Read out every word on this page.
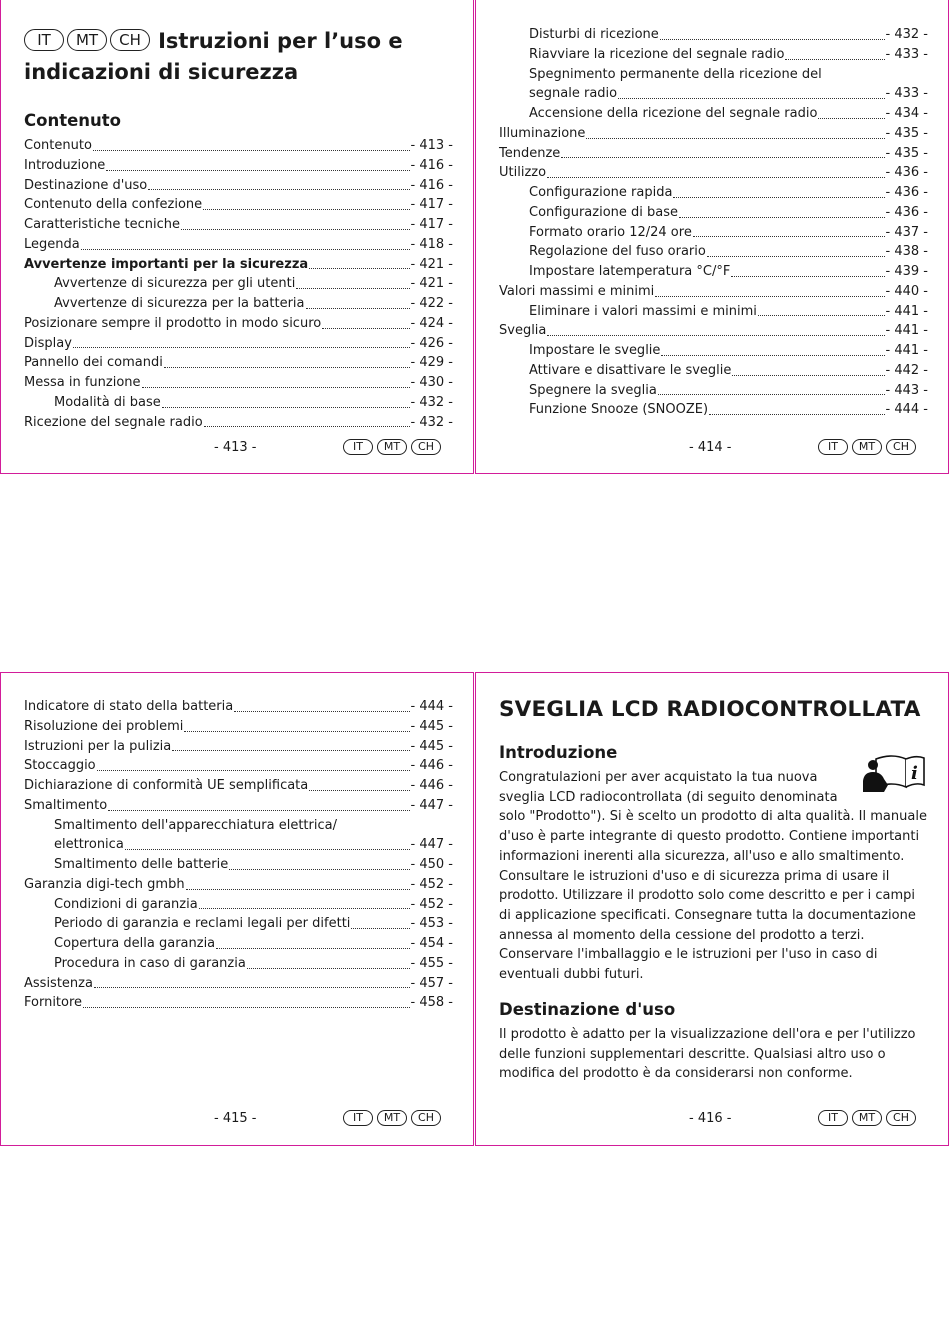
IT MT CH Istruzioni per l’uso e indicazioni di sicurezza
Contenuto
Contenuto	- 413 -
Introduzione	- 416 -
Destinazione d'uso	- 416 -
Contenuto della confezione	- 417 -
Caratteristiche tecniche	- 417 -
Legenda	- 418 -
Avvertenze importanti per la sicurezza	- 421 -
Avvertenze di sicurezza per gli utenti	- 421 -
Avvertenze di sicurezza per la batteria	- 422 -
Posizionare sempre il prodotto in modo sicuro	- 424 -
Display	- 426 -
Pannello dei comandi	- 429 -
Messa in funzione	- 430 -
Modalità di base	- 432 -
Ricezione del segnale radio	- 432 -
- 413 -	IT	MT	CH
Disturbi di ricezione	- 432 -
Riavviare la ricezione del segnale radio	- 433 -
Spegnimento permanente della ricezione del
segnale radio	- 433 -
Accensione della ricezione del segnale radio	- 434 -
Illuminazione	- 435 -
Tendenze	- 435 -
Utilizzo	- 436 -
Configurazione rapida	- 436 -
Configurazione di base	- 436 -
Formato orario 12/24 ore	- 437 -
Regolazione del fuso orario	- 438 -
Impostare latemperatura °C/°F	- 439 -
Valori massimi e minimi	- 440 -
Eliminare i valori massimi e minimi	- 441 -
Sveglia	- 441 -
Impostare le sveglie	- 441 -
Attivare e disattivare le sveglie	- 442 -
Spegnere la sveglia	- 443 -
Funzione Snooze (SNOOZE)	- 444 -
- 414 -	IT	MT	CH
Indicatore di stato della batteria	- 444 -
Risoluzione dei problemi	- 445 -
Istruzioni per la pulizia	- 445 -
Stoccaggio	- 446 -
Dichiarazione di conformità UE semplificata	- 446 -
Smaltimento	- 447 -
Smaltimento dell'apparecchiatura elettrica/
elettronica	- 447 -
Smaltimento delle batterie	- 450 -
Garanzia digi-tech gmbh	- 452 -
Condizioni di garanzia	- 452 -
Periodo di garanzia e reclami legali per difetti	- 453 -
Copertura della garanzia	- 454 -
Procedura in caso di garanzia	- 455 -
Assistenza	- 457 -
Fornitore	- 458 -
- 415 -	IT	MT	CH
SVEGLIA LCD RADIOCONTROLLATA
Introduzione
i
Congratulazioni per aver acquistato la tua nuova
sveglia LCD radiocontrollata (di seguito denominata
solo "Prodotto"). Si è scelto un prodotto di alta qualità. Il manuale
d'uso è parte integrante di questo prodotto. Contiene importanti
informazioni inerenti alla sicurezza, all'uso e allo smaltimento.
Consultare le istruzioni d'uso e di sicurezza prima di usare il
prodotto. Utilizzare il prodotto solo come descritto e per i campi
di applicazione specificati. Consegnare tutta la documentazione
annessa al momento della cessione del prodotto a terzi.
Conservare l'imballaggio e le istruzioni per l'uso in caso di
eventuali dubbi futuri.
Destinazione d'uso
Il prodotto è adatto per la visualizzazione dell'ora e per l'utilizzo
delle funzioni supplementari descritte. Qualsiasi altro uso o
modifica del prodotto è da considerarsi non conforme.
- 416 -	IT	MT	CH
